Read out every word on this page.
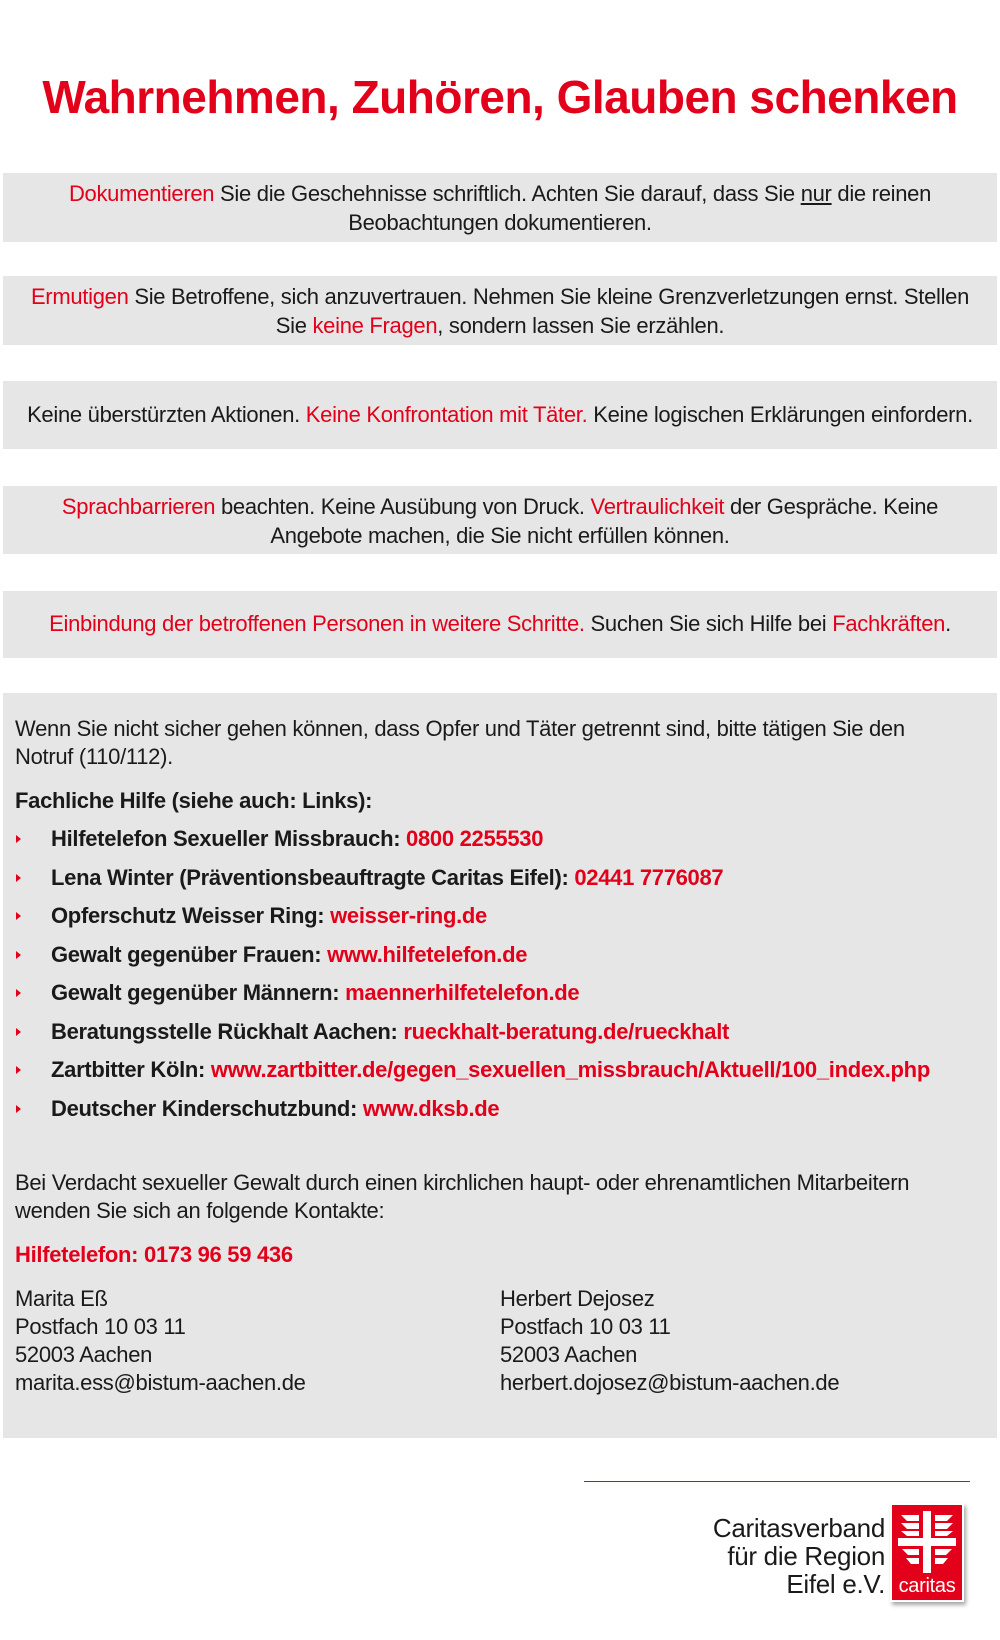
Wahrnehmen, Zuhören, Glauben schenken

Dokumentieren Sie die Geschehnisse schriftlich. Achten Sie darauf, dass Sie nur die reinen

Beobachtungen dokumentieren.

Ermutigen Sie Betroffene, sich anzuvertrauen. Nehmen Sie kleine Grenzverletzungen ernst. Stellen

Sie keine Fragen, sondern lassen Sie erzählen.

Keine überstürzten Aktionen. Keine Konfrontation mit Täter. Keine logischen Erklärungen einfordern.

Sprachbarrieren beachten. Keine Ausübung von Druck. Vertraulichkeit der Gespräche. Keine

Angebote machen, die Sie nicht erfüllen können.

Einbindung der betroffenen Personen in weitere Schritte. Suchen Sie sich Hilfe bei Fachkräften.

Wenn Sie nicht sicher gehen können, dass Opfer und Täter getrennt sind, bitte tätigen Sie den

Notruf (110/112).

Fachliche Hilfe (siehe auch: Links):

Hilfetelefon Sexueller Missbrauch: 0800 2255530
Lena Winter (Präventionsbeauftragte Caritas Eifel): 02441 7776087
Opferschutz Weisser Ring: weisser-ring.de
Gewalt gegenüber Frauen: www.hilfetelefon.de
Gewalt gegenüber Männern: maennerhilfetelefon.de
Beratungsstelle Rückhalt Aachen: rueckhalt-beratung.de/rueckhalt
Zartbitter Köln: www.zartbitter.de/gegen_sexuellen_missbrauch/Aktuell/100_index.php
Deutscher Kinderschutzbund: www.dksb.de

Bei Verdacht sexueller Gewalt durch einen kirchlichen haupt- oder ehrenamtlichen Mitarbeitern

wenden Sie sich an folgende Kontakte:

Hilfetelefon: 0173 96 59 436

Marita Eß

Postfach 10 03 11

52003 Aachen

marita.ess@bistum-aachen.de

Herbert Dejosez

Postfach 10 03 11

52003 Aachen

herbert.dojosez@bistum-aachen.de

Caritasverband
für die Region
Eifel e.V. caritas
